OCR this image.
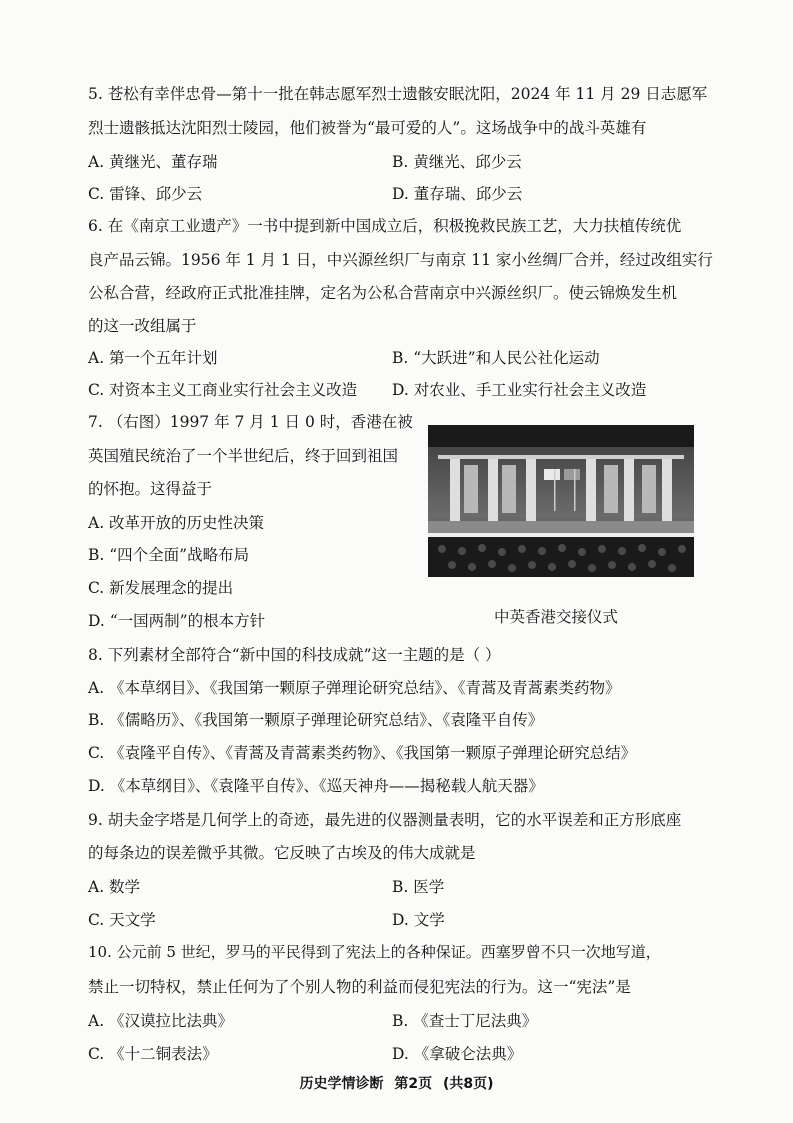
5. 苍松有幸伴忠骨—第十一批在韩志愿军烈士遗骸安眠沈阳，2024 年 11 月 29 日志愿军
烈士遗骸抵达沈阳烈士陵园，他们被誉为“最可爱的人”。这场战争中的战斗英雄有
A. 黄继光、董存瑞	B. 黄继光、邱少云
C. 雷锋、邱少云	D. 董存瑞、邱少云
6. 在《南京工业遗产》一书中提到新中国成立后，积极挽救民族工艺，大力扶植传统优
良产品云锦。1956 年 1 月 1 日，中兴源丝织厂与南京 11 家小丝绸厂合并，经过改组实行
公私合营，经政府正式批准挂牌，定名为公私合营南京中兴源丝织厂。使云锦焕发生机
的这一改组属于
A. 第一个五年计划	B. “大跃进”和人民公社化运动
C. 对资本主义工商业实行社会主义改造 D. 对农业、手工业实行社会主义改造
7. （右图）1997 年 7 月 1 日 0 时，香港在被
英国殖民统治了一个半世纪后，终于回到祖国
的怀抱。这得益于
A. 改革开放的历史性决策
B. “四个全面”战略布局
C. 新发展理念的提出
D. “一国两制”的根本方针	中英香港交接仪式
8. 下列素材全部符合“新中国的科技成就”这一主题的是（ ）
A. 《本草纲目》、《我国第一颗原子弹理论研究总结》、《青蒿及青蒿素类药物》
B. 《儒略历》、《我国第一颗原子弹理论研究总结》、《袁隆平自传》
C. 《袁隆平自传》、《青蒿及青蒿素类药物》、《我国第一颗原子弹理论研究总结》
D. 《本草纲目》、《袁隆平自传》、《巡天神舟——揭秘载人航天器》
9. 胡夫金字塔是几何学上的奇迹，最先进的仪器测量表明，它的水平误差和正方形底座
的每条边的误差微乎其微。它反映了古埃及的伟大成就是
A. 数学	B. 医学
C. 天文学	D. 文学
10. 公元前 5 世纪，罗马的平民得到了宪法上的各种保证。西塞罗曾不只一次地写道，
禁止一切特权，禁止任何为了个别人物的利益而侵犯宪法的行为。这一“宪法”是
A. 《汉谟拉比法典》	B. 《查士丁尼法典》
C. 《十二铜表法》	D. 《拿破仑法典》
历史学情诊断 第2页 (共8页)
